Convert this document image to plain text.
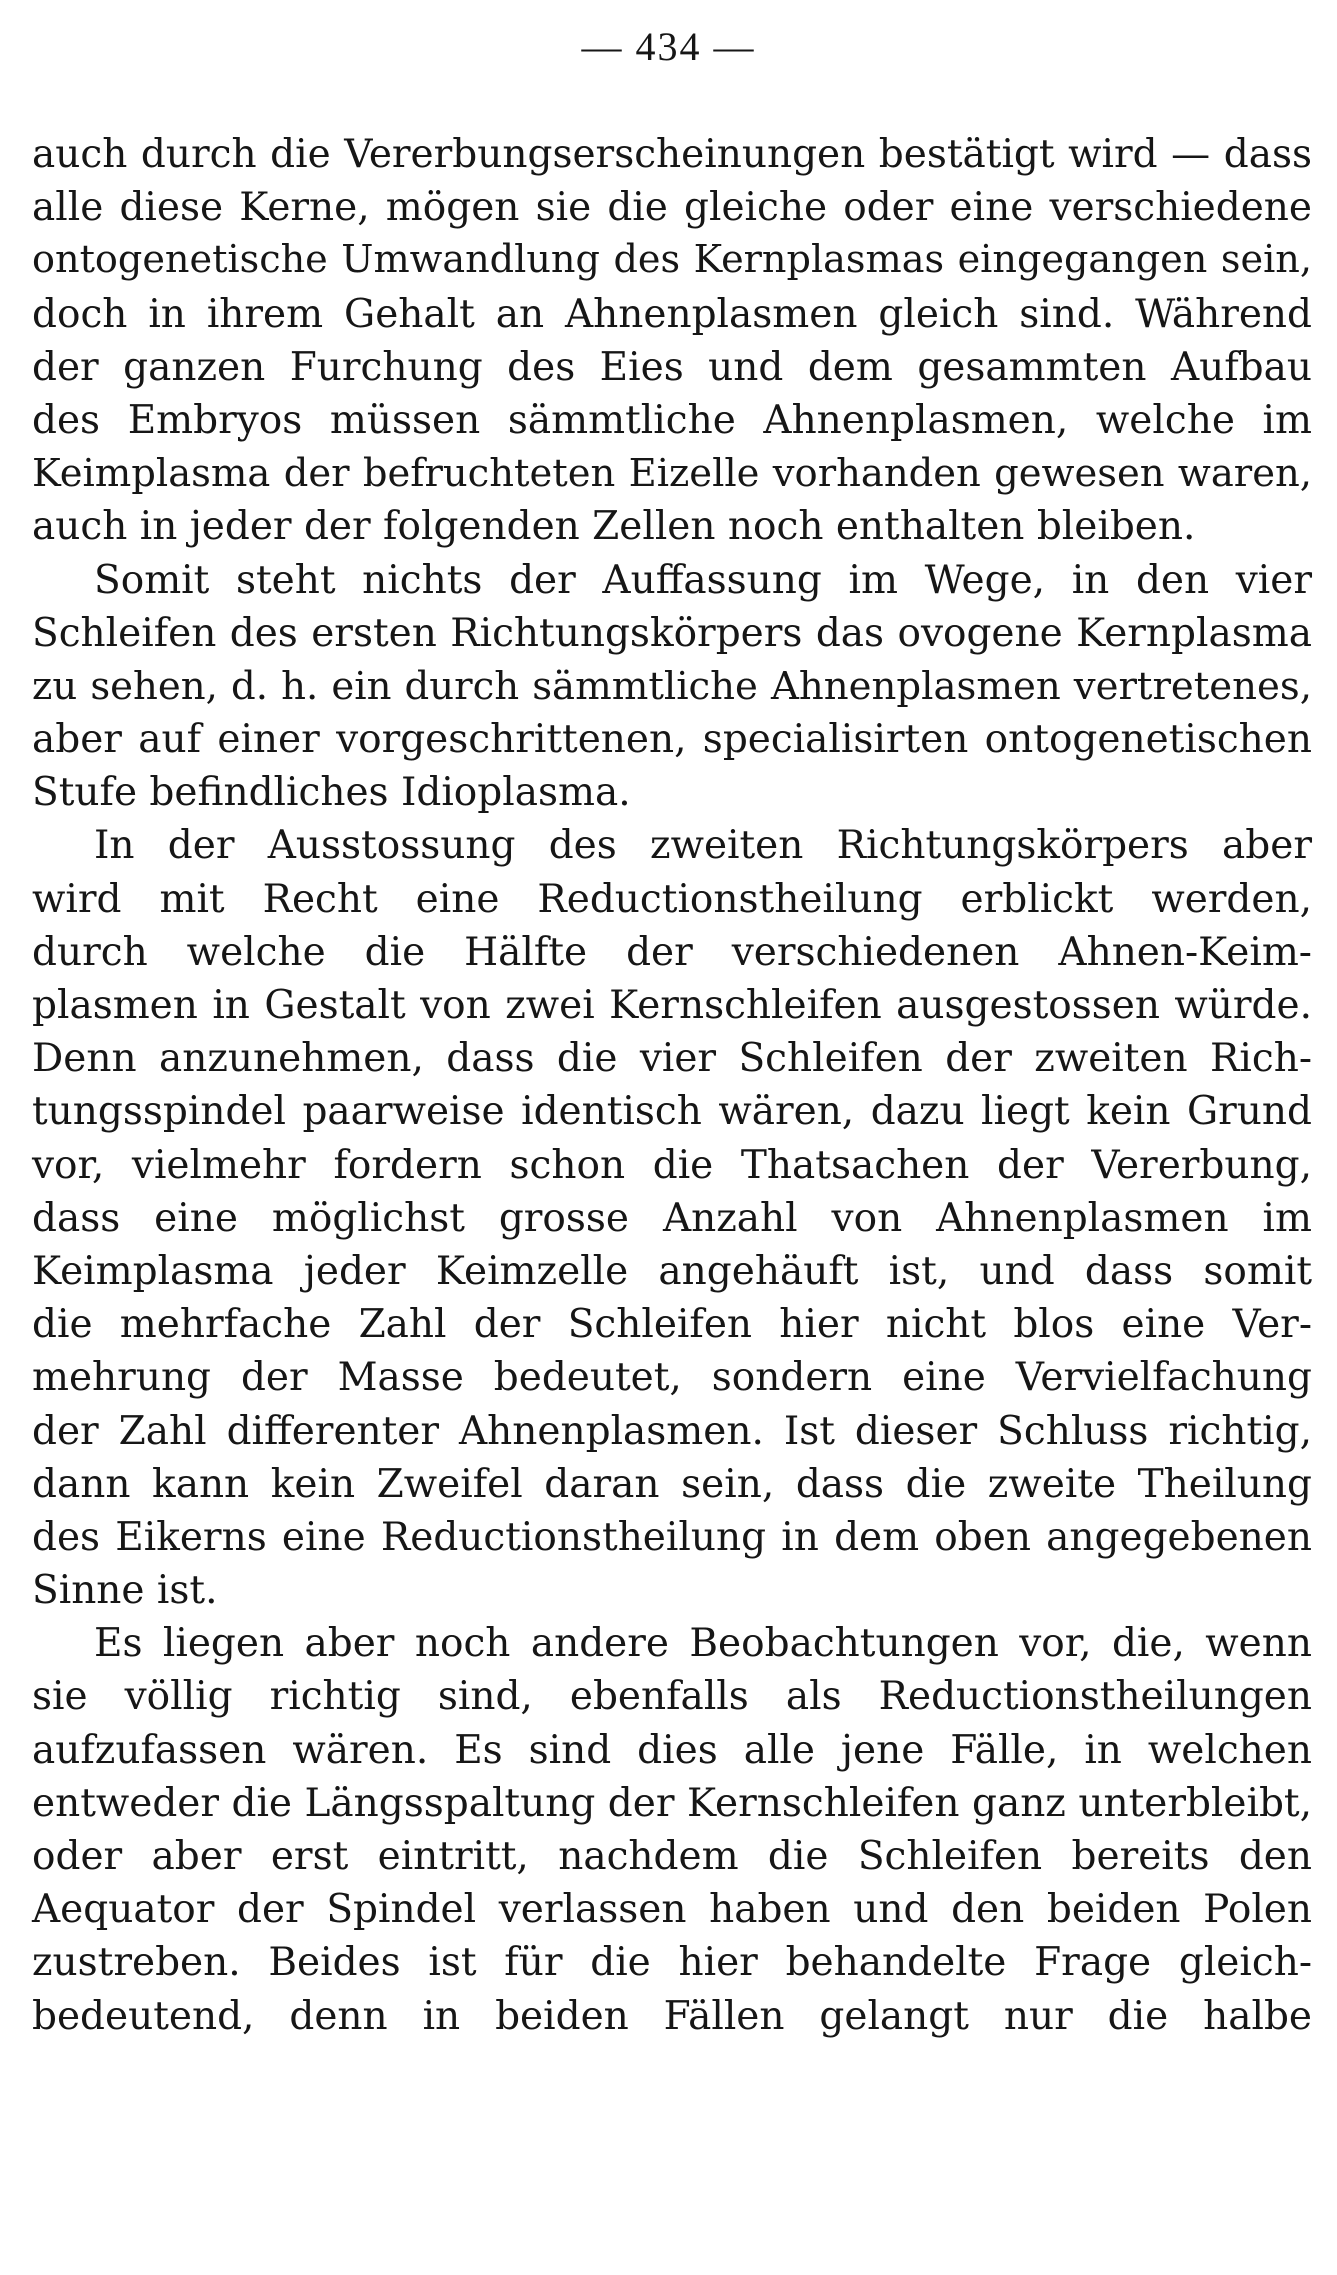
— 434 —
auch durch die Vererbungserscheinungen bestätigt wird — dass
alle diese Kerne, mögen sie die gleiche oder eine verschiedene
ontogenetische Umwandlung des Kernplasmas eingegangen sein,
doch in ihrem Gehalt an Ahnenplasmen gleich sind. Während
der ganzen Furchung des Eies und dem gesammten Aufbau
des Embryos müssen sämmtliche Ahnenplasmen, welche im
Keimplasma der befruchteten Eizelle vorhanden gewesen waren,
auch in jeder der folgenden Zellen noch enthalten bleiben.
Somit steht nichts der Auffassung im Wege, in den vier
Schleifen des ersten Richtungskörpers das ovogene Kernplasma
zu sehen, d. h. ein durch sämmtliche Ahnenplasmen vertretenes,
aber auf einer vorgeschrittenen, specialisirten ontogenetischen
Stufe befindliches Idioplasma.
In der Ausstossung des zweiten Richtungskörpers aber
wird mit Recht eine Reductionstheilung erblickt werden,
durch welche die Hälfte der verschiedenen Ahnen-Keim-
plasmen in Gestalt von zwei Kernschleifen ausgestossen würde.
Denn anzunehmen, dass die vier Schleifen der zweiten Rich-
tungsspindel paarweise identisch wären, dazu liegt kein Grund
vor, vielmehr fordern schon die Thatsachen der Vererbung,
dass eine möglichst grosse Anzahl von Ahnenplasmen im
Keimplasma jeder Keimzelle angehäuft ist, und dass somit
die mehrfache Zahl der Schleifen hier nicht blos eine Ver-
mehrung der Masse bedeutet, sondern eine Vervielfachung
der Zahl differenter Ahnenplasmen. Ist dieser Schluss richtig,
dann kann kein Zweifel daran sein, dass die zweite Theilung
des Eikerns eine Reductionstheilung in dem oben angegebenen
Sinne ist.
Es liegen aber noch andere Beobachtungen vor, die, wenn
sie völlig richtig sind, ebenfalls als Reductionstheilungen
aufzufassen wären. Es sind dies alle jene Fälle, in welchen
entweder die Längsspaltung der Kernschleifen ganz unterbleibt,
oder aber erst eintritt, nachdem die Schleifen bereits den
Aequator der Spindel verlassen haben und den beiden Polen
zustreben. Beides ist für die hier behandelte Frage gleich-
bedeutend, denn in beiden Fällen gelangt nur die halbe
